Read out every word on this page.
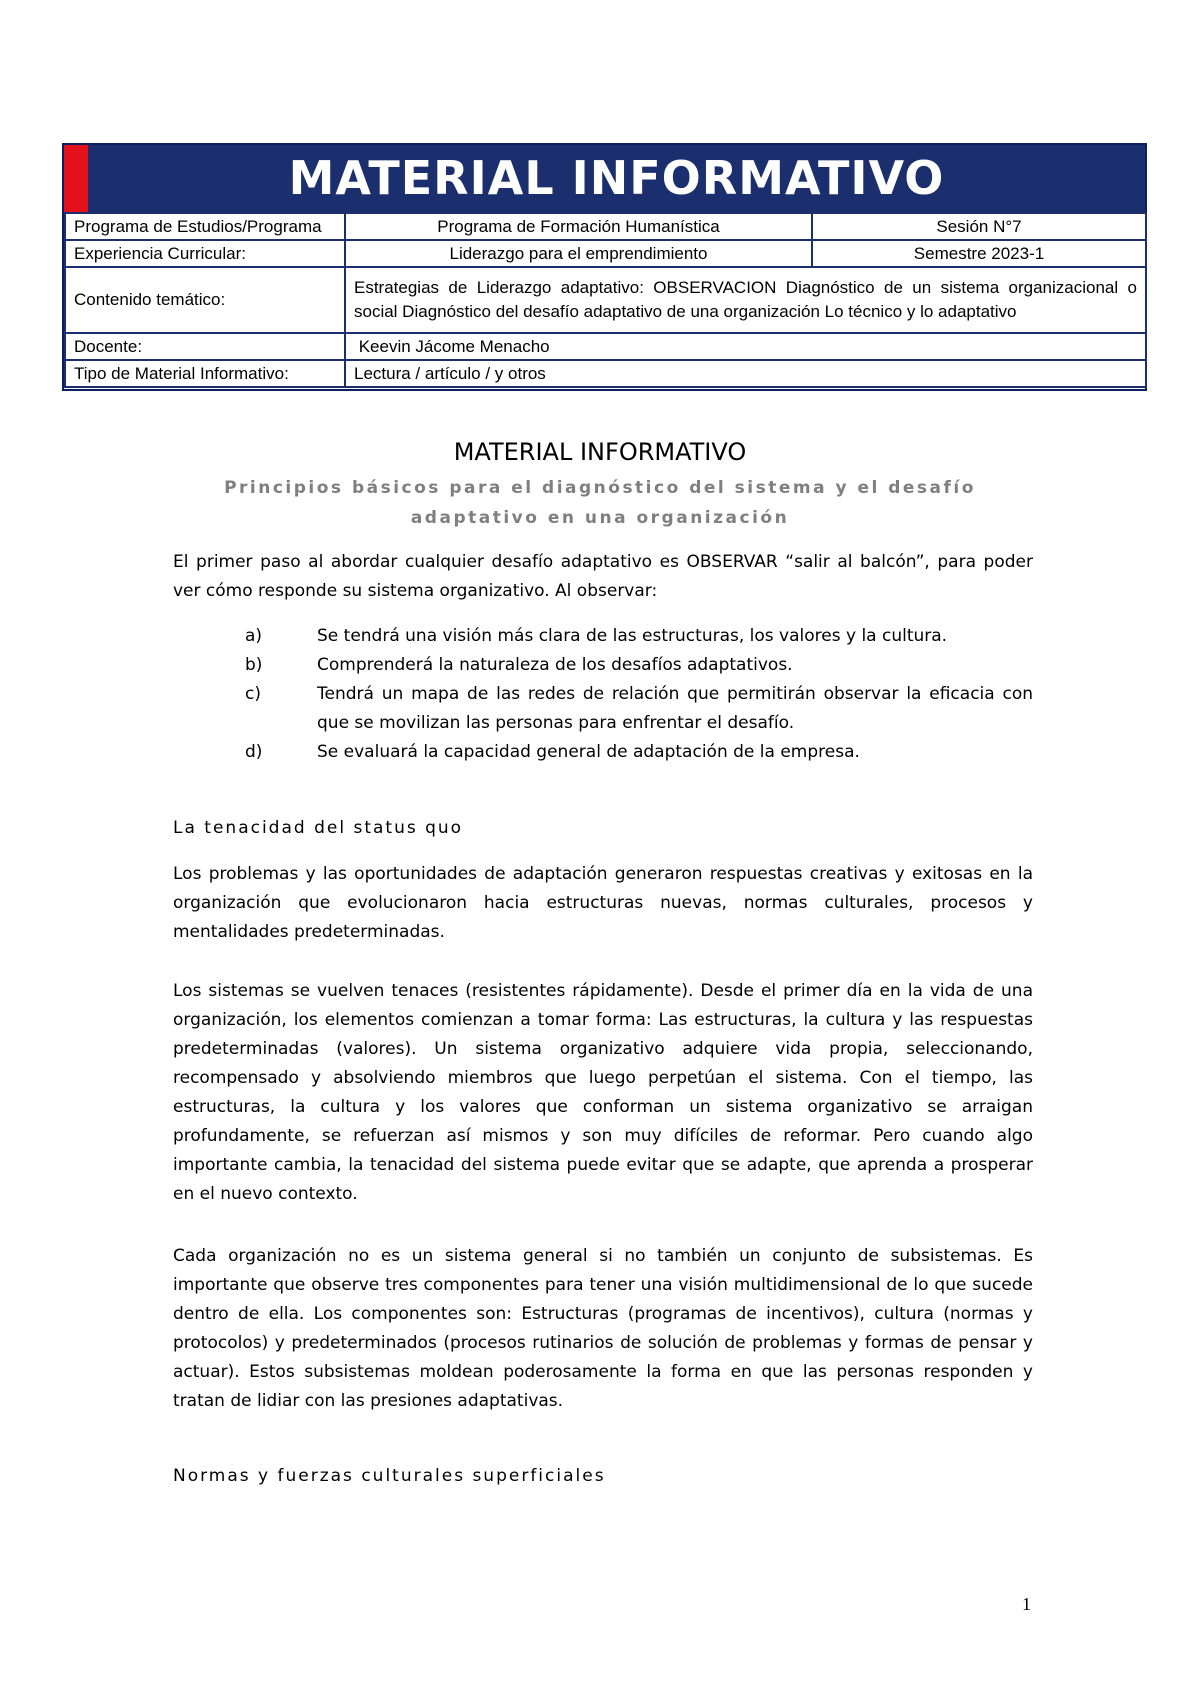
MATERIAL INFORMATIVO
Programa de Estudios/Programa	Programa de Formación Humanística	Sesión N°7
Experiencia Curricular:	Liderazgo para el emprendimiento	Semestre 2023-1
Contenido temático:	Estrategias de Liderazgo adaptativo: OBSERVACION Diagnóstico de un sistema organizacional o social Diagnóstico del desafío adaptativo de una organización Lo técnico y lo adaptativo	
Docente:	Keevin Jácome Menacho	
Tipo de Material Informativo:	Lectura / artículo / y otros	
MATERIAL INFORMATIVO
Principios básicos para el diagnóstico del sistema y el desafío adaptativo en una organización

El primer paso al abordar cualquier desafío adaptativo es OBSERVAR “salir al balcón”, para poder ver cómo responde su sistema organizativo. Al observar:

a)	Se tendrá una visión más clara de las estructuras, los valores y la cultura.
b)	Comprenderá la naturaleza de los desafíos adaptativos.
c)	Tendrá un mapa de las redes de relación que permitirán observar la eficacia con que se movilizan las personas para enfrentar el desafío.
d)	Se evaluará la capacidad general de adaptación de la empresa.
La tenacidad del status quo

Los problemas y las oportunidades de adaptación generaron respuestas creativas y exitosas en la organización que evolucionaron hacia estructuras nuevas, normas culturales, procesos y mentalidades predeterminadas.

Los sistemas se vuelven tenaces (resistentes rápidamente). Desde el primer día en la vida de una organización, los elementos comienzan a tomar forma: Las estructuras, la cultura y las respuestas predeterminadas (valores). Un sistema organizativo adquiere vida propia, seleccionando, recompensado y absolviendo miembros que luego perpetúan el sistema. Con el tiempo, las estructuras, la cultura y los valores que conforman un sistema organizativo se arraigan profundamente, se refuerzan así mismos y son muy difíciles de reformar. Pero cuando algo importante cambia, la tenacidad del sistema puede evitar que se adapte, que aprenda a prosperar en el nuevo contexto.

Cada organización no es un sistema general si no también un conjunto de subsistemas. Es importante que observe tres componentes para tener una visión multidimensional de lo que sucede dentro de ella. Los componentes son: Estructuras (programas de incentivos), cultura (normas y protocolos) y predeterminados (procesos rutinarios de solución de problemas y formas de pensar y actuar). Estos subsistemas moldean poderosamente la forma en que las personas responden y tratan de lidiar con las presiones adaptativas.

Normas y fuerzas culturales superficiales
1
